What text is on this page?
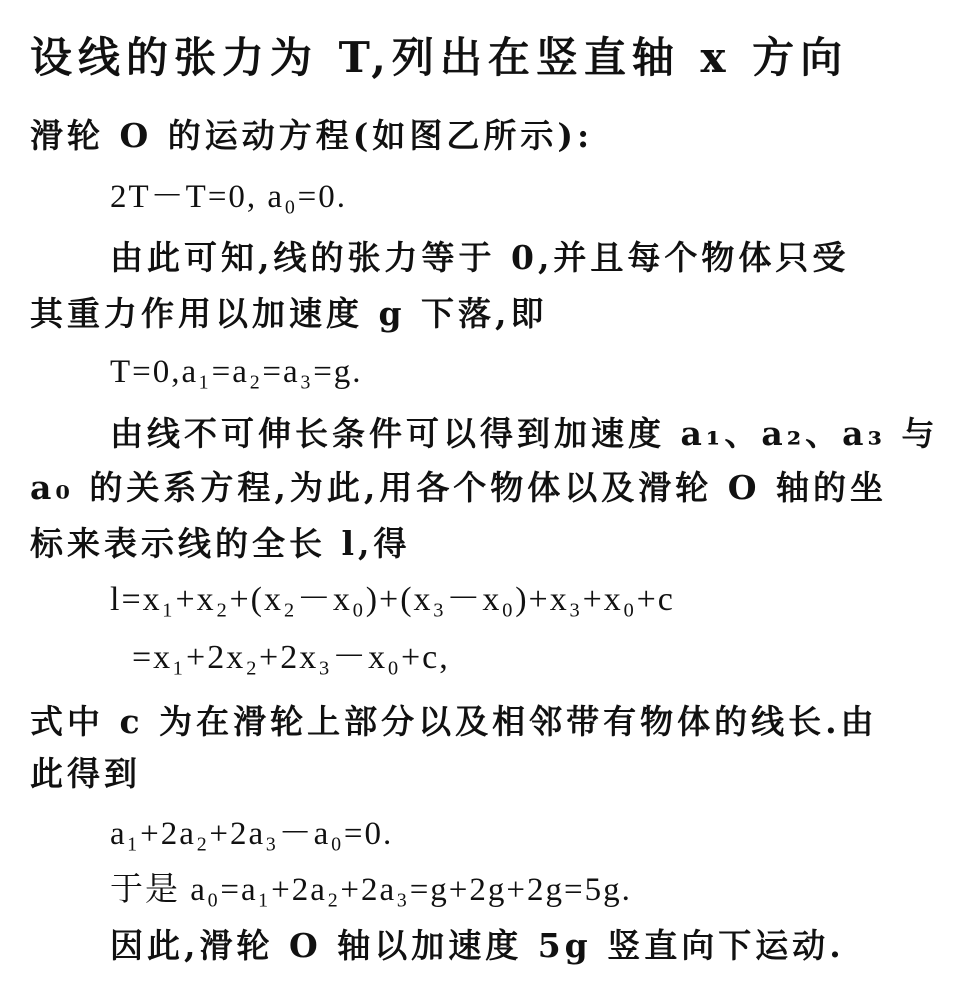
设线的张力为 T,列出在竖直轴 x 方向
滑轮 O 的运动方程(如图乙所示):
2T－T=0, a₀=0.
由此可知,线的张力等于 0,并且每个物体只受
其重力作用以加速度 g 下落,即
T=0,a₁=a₂=a₃=g.
由线不可伸长条件可以得到加速度 a₁、a₂、a₃ 与
a₀ 的关系方程,为此,用各个物体以及滑轮 O 轴的坐
标来表示线的全长 l,得
l=x₁+x₂+(x₂－x₀)+(x₃－x₀)+x₃+x₀+c
=x₁+2x₂+2x₃－x₀+c,
式中 c 为在滑轮上部分以及相邻带有物体的线长.由
此得到
a₁+2a₂+2a₃－a₀=0.
于是 a₀=a₁+2a₂+2a₃=g+2g+2g=5g.
因此,滑轮 O 轴以加速度 5g 竖直向下运动.
